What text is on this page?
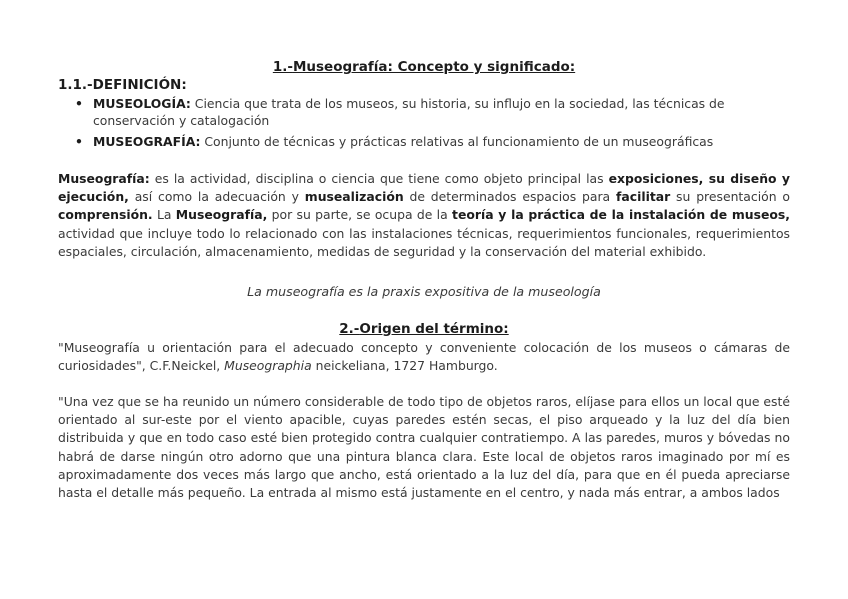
1.-Museografía: Concepto y significado:
1.1.-DEFINICIÓN:
• MUSEOLOGÍA: Ciencia que trata de los museos, su historia, su influjo en la sociedad, las técnicas de conservación y catalogación
• MUSEOGRAFÍA: Conjunto de técnicas y prácticas relativas al funcionamiento de un museográficas
Museografía: es la actividad, disciplina o ciencia que tiene como objeto principal las exposiciones, su diseño y ejecución, así como la adecuación y musealización de determinados espacios para facilitar su presentación o comprensión. La Museografía, por su parte, se ocupa de la teoría y la práctica de la instalación de museos, actividad que incluye todo lo relacionado con las instalaciones técnicas, requerimientos funcionales, requerimientos espaciales, circulación, almacenamiento, medidas de seguridad y la conservación del material exhibido.
La museografía es la praxis expositiva de la museología
2.-Origen del término:
"Museografía u orientación para el adecuado concepto y conveniente colocación de los museos o cámaras de curiosidades", C.F.Neickel, Museographia neickeliana, 1727 Hamburgo.
"Una vez que se ha reunido un número considerable de todo tipo de objetos raros, elíjase para ellos un local que esté orientado al sur-este por el viento apacible, cuyas paredes estén secas, el piso arqueado y la luz del día bien distribuida y que en todo caso esté bien protegido contra cualquier contratiempo. A las paredes, muros y bóvedas no habrá de darse ningún otro adorno que una pintura blanca clara. Este local de objetos raros imaginado por mí es aproximadamente dos veces más largo que ancho, está orientado a la luz del día, para que en él pueda apreciarse hasta el detalle más pequeño. La entrada al mismo está justamente en el centro, y nada más entrar, a ambos lados
